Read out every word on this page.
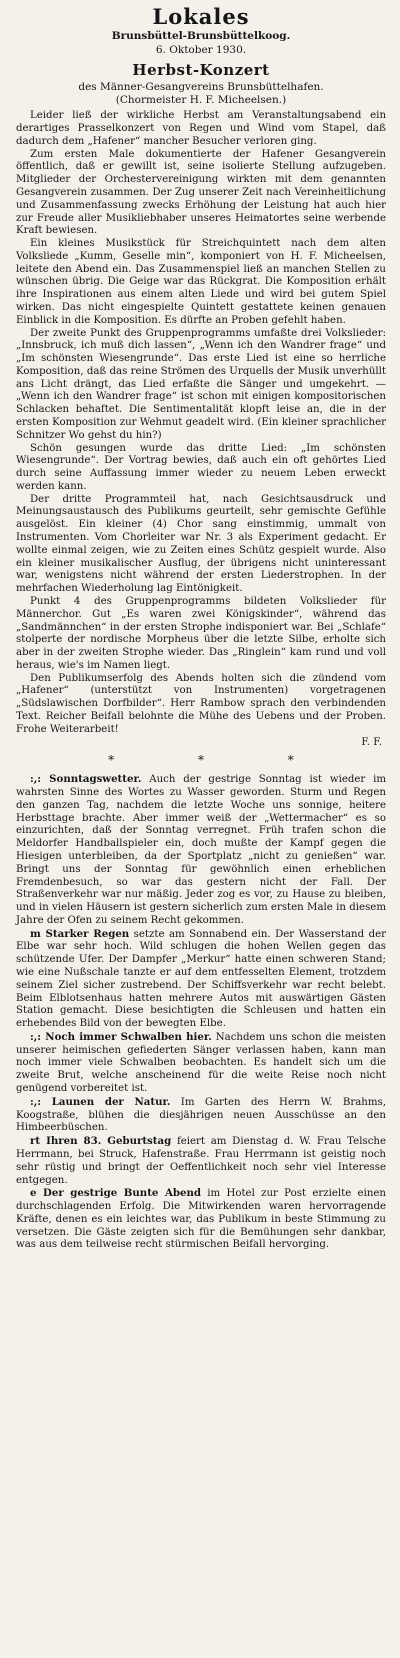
Lokales
Brunsbüttel-Brunsbüttelkoog.
6. Oktober 1930.
Herbst-Konzert
des Männer-Gesangvereins Brunsbüttelhafen.
(Chormeister H. F. Micheelsen.)

Leider ließ der wirkliche Herbst am Veranstaltungsabend ein derartiges Prasselkonzert von Regen und Wind vom Stapel, daß dadurch dem „Hafener“ mancher Besucher verloren ging.

Zum ersten Male dokumentierte der Hafener Gesangverein öffentlich, daß er gewillt ist, seine isolierte Stellung aufzugeben. Mitglieder der Orchestervereinigung wirkten mit dem genannten Gesangverein zusammen. Der Zug unserer Zeit nach Vereinheitlichung und Zusammenfassung zwecks Erhöhung der Leistung hat auch hier zur Freude aller Musikliebhaber unseres Heimatortes seine werbende Kraft bewiesen.

Ein kleines Musikstück für Streichquintett nach dem alten Volksliede „Kumm, Geselle min“, komponiert von H. F. Micheelsen, leitete den Abend ein. Das Zusammenspiel ließ an manchen Stellen zu wünschen übrig. Die Geige war das Rückgrat. Die Komposition erhält ihre Inspirationen aus einem alten Liede und wird bei gutem Spiel wirken. Das nicht eingespielte Quintett gestattete keinen genauen Einblick in die Komposition. Es dürfte an Proben gefehlt haben.

Der zweite Punkt des Gruppenprogramms umfaßte drei Volkslieder: „Innsbruck, ich muß dich lassen“, „Wenn ich den Wandrer frage“ und „Im schönsten Wiesengrunde“. Das erste Lied ist eine so herrliche Komposition, daß das reine Strömen des Urquells der Musik unverhüllt ans Licht drängt, das Lied erfaßte die Sänger und umgekehrt. — „Wenn ich den Wandrer frage“ ist schon mit einigen kompositorischen Schlacken behaftet. Die Sentimentalität klopft leise an, die in der ersten Komposition zur Wehmut geadelt wird. (Ein kleiner sprachlicher Schnitzer Wo gehst du hin?)

Schön gesungen wurde das dritte Lied: „Im schönsten Wiesengrunde“. Der Vortrag bewies, daß auch ein oft gehörtes Lied durch seine Auffassung immer wieder zu neuem Leben erweckt werden kann.

Der dritte Programmteil hat, nach Gesichtsausdruck und Meinungsaustausch des Publikums geurteilt, sehr gemischte Gefühle ausgelöst. Ein kleiner (4) Chor sang einstimmig, ummalt von Instrumenten. Vom Chorleiter war Nr. 3 als Experiment gedacht. Er wollte einmal zeigen, wie zu Zeiten eines Schütz gespielt wurde. Also ein kleiner musikalischer Ausflug, der übrigens nicht uninteressant war, wenigstens nicht während der ersten Liederstrophen. In der mehrfachen Wiederholung lag Eintönigkeit.

Punkt 4 des Gruppenprogramms bildeten Volkslieder für Männerchor. Gut „Es waren zwei Königskinder“, während das „Sandmännchen“ in der ersten Strophe indisponiert war. Bei „Schlafe“ stolperte der nordische Morpheus über die letzte Silbe, erholte sich aber in der zweiten Strophe wieder. Das „Ringlein“ kam rund und voll heraus, wie's im Namen liegt.

Den Publikumserfolg des Abends holten sich die zündend vom „Hafener“ (unterstützt von Instrumenten) vorgetragenen „Südslawischen Dorfbilder“. Herr Rambow sprach den verbindenden Text. Reicher Beifall belohnte die Mühe des Uebens und der Proben. Frohe Weiterarbeit!

F. F.
* * *

:,: Sonntagswetter. Auch der gestrige Sonntag ist wieder im wahrsten Sinne des Wortes zu Wasser geworden. Sturm und Regen den ganzen Tag, nachdem die letzte Woche uns sonnige, heitere Herbsttage brachte. Aber immer weiß der „Wettermacher“ es so einzurichten, daß der Sonntag verregnet. Früh trafen schon die Meldorfer Handballspieler ein, doch mußte der Kampf gegen die Hiesigen unterbleiben, da der Sportplatz „nicht zu genießen“ war. Bringt uns der Sonntag für gewöhnlich einen erheblichen Fremdenbesuch, so war das gestern nicht der Fall. Der Straßenverkehr war nur mäßig. Jeder zog es vor, zu Hause zu bleiben, und in vielen Häusern ist gestern sicherlich zum ersten Male in diesem Jahre der Ofen zu seinem Recht gekommen.

m Starker Regen setzte am Sonnabend ein. Der Wasserstand der Elbe war sehr hoch. Wild schlugen die hohen Wellen gegen das schützende Ufer. Der Dampfer „Merkur“ hatte einen schweren Stand; wie eine Nußschale tanzte er auf dem entfesselten Element, trotzdem seinem Ziel sicher zustrebend. Der Schiffsverkehr war recht belebt. Beim Elblotsenhaus hatten mehrere Autos mit auswärtigen Gästen Station gemacht. Diese besichtigten die Schleusen und hatten ein erhebendes Bild von der bewegten Elbe.

:,: Noch immer Schwalben hier. Nachdem uns schon die meisten unserer heimischen gefiederten Sänger verlassen haben, kann man noch immer viele Schwalben beobachten. Es handelt sich um die zweite Brut, welche anscheinend für die weite Reise noch nicht genügend vorbereitet ist.

:,: Launen der Natur. Im Garten des Herrn W. Brahms, Koogstraße, blühen die diesjährigen neuen Ausschüsse an den Himbeerbüschen.

rt Ihren 83. Geburtstag feiert am Dienstag d. W. Frau Telsche Herrmann, bei Struck, Hafenstraße. Frau Herrmann ist geistig noch sehr rüstig und bringt der Oeffentlichkeit noch sehr viel Interesse entgegen.

e Der gestrige Bunte Abend im Hotel zur Post erzielte einen durchschlagenden Erfolg. Die Mitwirkenden waren hervorragende Kräfte, denen es ein leichtes war, das Publikum in beste Stimmung zu versetzen. Die Gäste zeigten sich für die Bemühungen sehr dankbar, was aus dem teilweise recht stürmischen Beifall hervorging.
